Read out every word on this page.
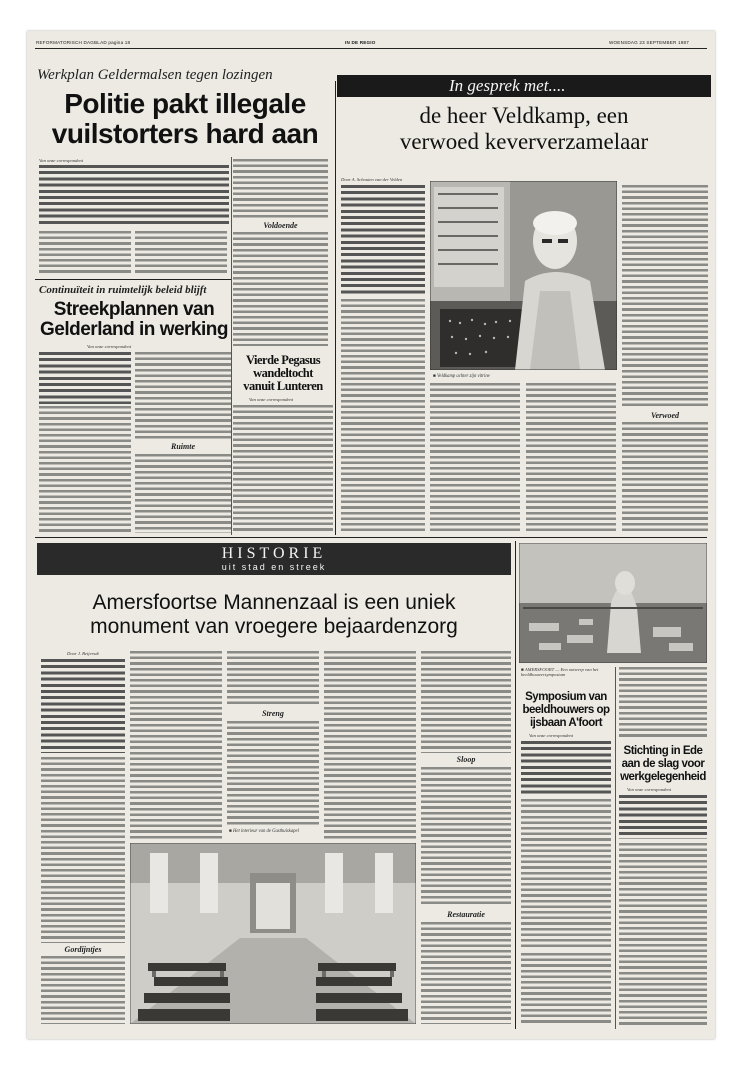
REFORMATORISCH DAGBLAD pagina 18	IN DE REGIO	WOENSDAG 23 SEPTEMBER 1987
Werkplan Geldermalsen tegen lozingen
Politie pakt illegale
vuilstorters hard aan
Van onze correspondent
Voldoende
Continuïteit in ruimtelijk beleid blijft
Streekplannen van
Gelderland in werking
Van onze correspondent
Ruimte
Vierde Pegasus
wandeltocht
vanuit Lunteren
Van onze correspondent
In gesprek met....
de heer Veldkamp, een
verwoed keververzamelaar
Door A. Schouten van der Velden
■ Veldkamp achter zijn vitrine
Verwoed
HISTORIE
uit stad en streek
Amersfoortse Mannenzaal is een uniek
monument van vroegere bejaardenzorg
Door J. Beijersdt
Gordijntjes
Streng
■ Het interieur van de Gasthuiskapel
Sloop
Restauratie
■ AMERSFOORT — Een ontwerp van het beeldhouwersymposium
Symposium van
beeldhouwers op
ijsbaan A'foort
Van onze correspondent
Stichting in Ede
aan de slag voor
werkgelegenheid
Van onze correspondent
